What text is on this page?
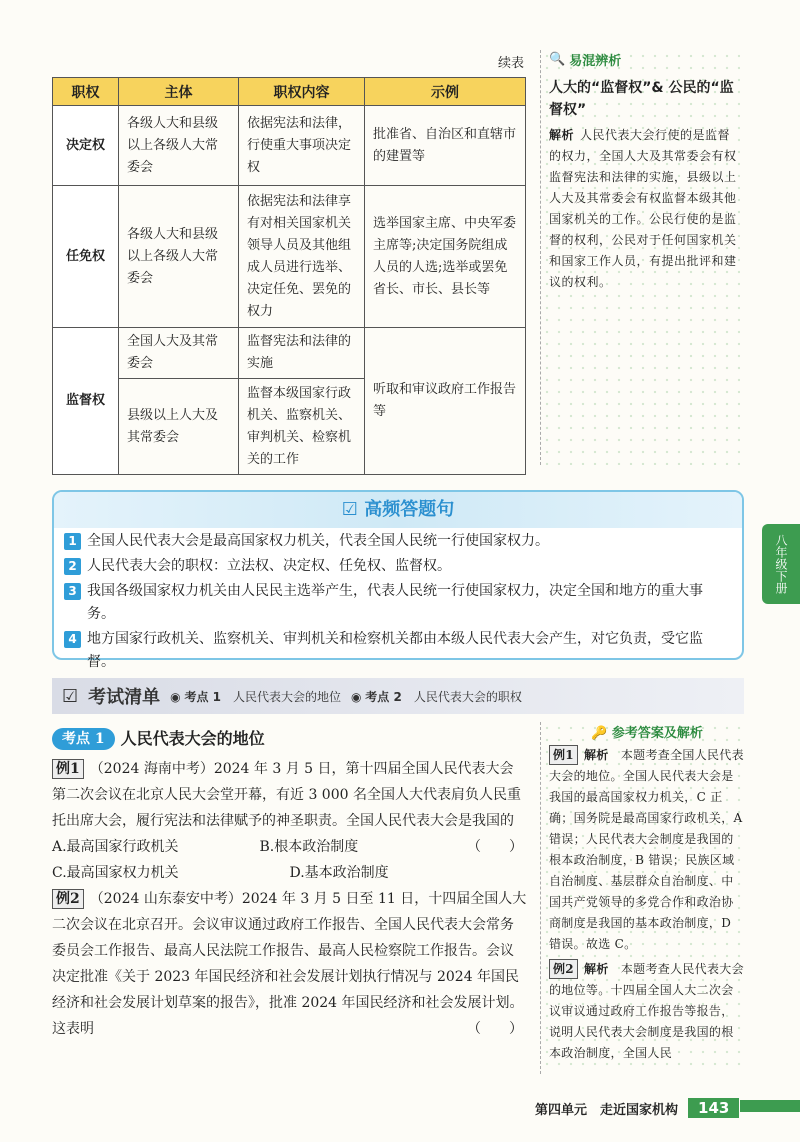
续表
职权	主体	职权内容	示例
决定权	各级人大和县级以上各级人大常委会	依据宪法和法律，行使重大事项决定权	批准省、自治区和直辖市的建置等
任免权	各级人大和县级以上各级人大常委会	依据宪法和法律享有对相关国家机关领导人员及其他组成人员进行选举、决定任免、罢免的权力	选举国家主席、中央军委主席等;决定国务院组成人员的人选;选举或罢免省长、市长、县长等
监督权	全国人大及其常委会	监督宪法和法律的实施	听取和审议政府工作报告等
	县级以上人大及其常委会	监督本级国家行政机关、监察机关、审判机关、检察机关的工作	
🔍 易混辨析
人大的“监督权”& 公民的“监督权”
解析 人民代表大会行使的是监督的权力，全国人大及其常委会有权监督宪法和法律的实施，县级以上人大及其常委会有权监督本级其他国家机关的工作。公民行使的是监督的权利，公民对于任何国家机关和国家工作人员，有提出批评和建议的权利。
☑ 高频答题句
1 全国人民代表大会是最高国家权力机关，代表全国人民统一行使国家权力。
2 人民代表大会的职权：立法权、决定权、任免权、监督权。
3 我国各级国家权力机关由人民民主选举产生，代表人民统一行使国家权力，决定全国和地方的重大事务。
4 地方国家行政机关、监察机关、审判机关和检察机关都由本级人民代表大会产生，对它负责，受它监督。
八年级下册
☑ 考试清单 ◉ 考点 1　 人民代表大会的地位 ◉ 考点 2　 人民代表大会的职权
考点 1	人民代表大会的地位
例1 （2024 海南中考）2024 年 3 月 5 日，第十四届全国人民代表大会第二次会议在北京人民大会堂开幕，有近 3 000 名全国人大代表肩负人民重托出席大会，履行宪法和法律赋予的神圣职责。全国人民代表大会是我国的
（　　）
A.最高国家行政机关	B.根本政治制度
C.最高国家权力机关	D.基本政治制度
例2 （2024 山东泰安中考）2024 年 3 月 5 日至 11 日，十四届全国人大二次会议在北京召开。会议审议通过政府工作报告、全国人民代表大会常务委员会工作报告、最高人民法院工作报告、最高人民检察院工作报告。会议决定批准《关于 2023 年国民经济和社会发展计划执行情况与 2024 年国民经济和社会发展计划草案的报告》，批准 2024 年国民经济和社会发展计划。这表明	（　　）
🔑 参考答案及解析
例1 解析　 本题考查全国人民代表大会的地位。全国人民代表大会是我国的最高国家权力机关，C 正确；国务院是最高国家行政机关，A 错误；人民代表大会制度是我国的根本政治制度，B 错误；民族区域自治制度、基层群众自治制度、中国共产党领导的多党合作和政治协商制度是我国的基本政治制度，D 错误。故选 C。
例2 解析　 本题考查人民代表大会的地位等。十四届全国人大二次会议审议通过政府工作报告等报告，说明人民代表大会制度是我国的根本政治制度，全国人民
第四单元　走近国家机构	143
